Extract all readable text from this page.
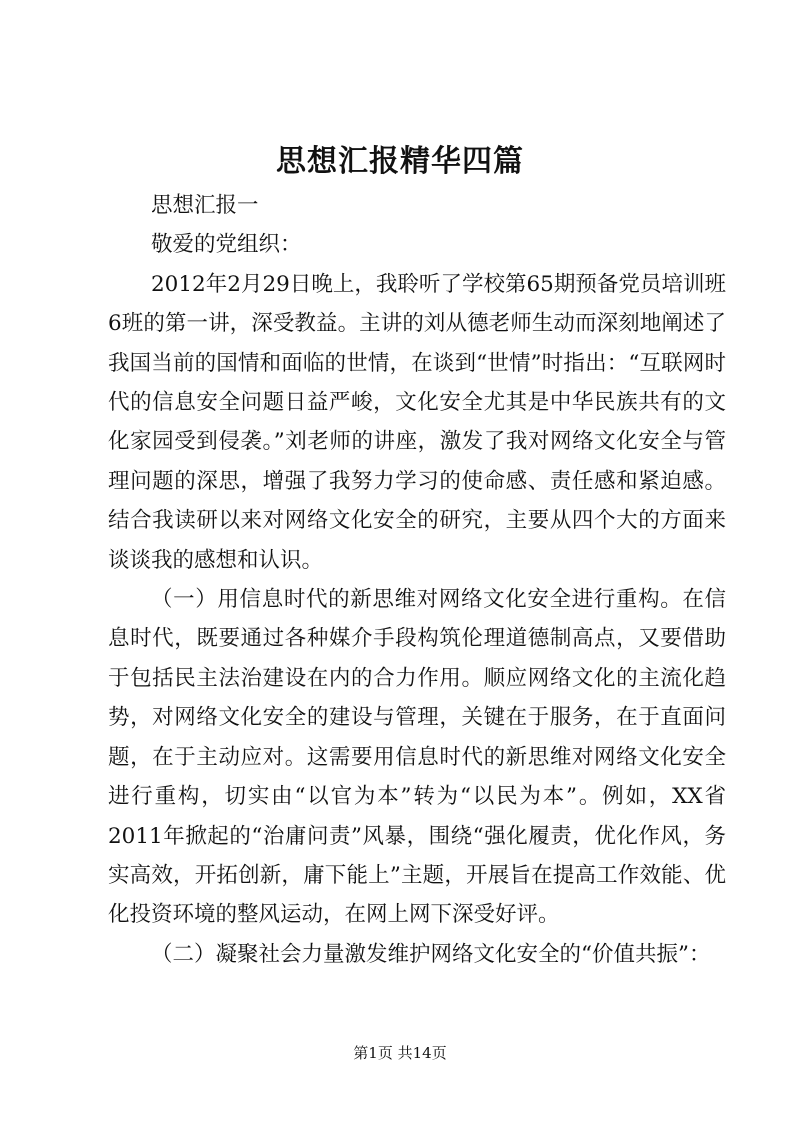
思想汇报精华四篇

思想汇报一

敬爱的党组织：

2012年2月29日晚上，我聆听了学校第65期预备党员培训班6班的第一讲，深受教益。主讲的刘从德老师生动而深刻地阐述了我国当前的国情和面临的世情，在谈到“世情”时指出：“互联网时代的信息安全问题日益严峻，文化安全尤其是中华民族共有的文化家园受到侵袭。”刘老师的讲座，激发了我对网络文化安全与管理问题的深思，增强了我努力学习的使命感、责任感和紧迫感。结合我读研以来对网络文化安全的研究，主要从四个大的方面来谈谈我的感想和认识。

（一）用信息时代的新思维对网络文化安全进行重构。在信息时代，既要通过各种媒介手段构筑伦理道德制高点，又要借助于包括民主法治建设在内的合力作用。顺应网络文化的主流化趋势，对网络文化安全的建设与管理，关键在于服务，在于直面问题，在于主动应对。这需要用信息时代的新思维对网络文化安全进行重构，切实由“以官为本”转为“以民为本”。例如，XX省2011年掀起的“治庸问责”风暴，围绕“强化履责，优化作风，务实高效，开拓创新，庸下能上”主题，开展旨在提高工作效能、优化投资环境的整风运动，在网上网下深受好评。

（二）凝聚社会力量激发维护网络文化安全的“价值共振”：

第1页 共14页
